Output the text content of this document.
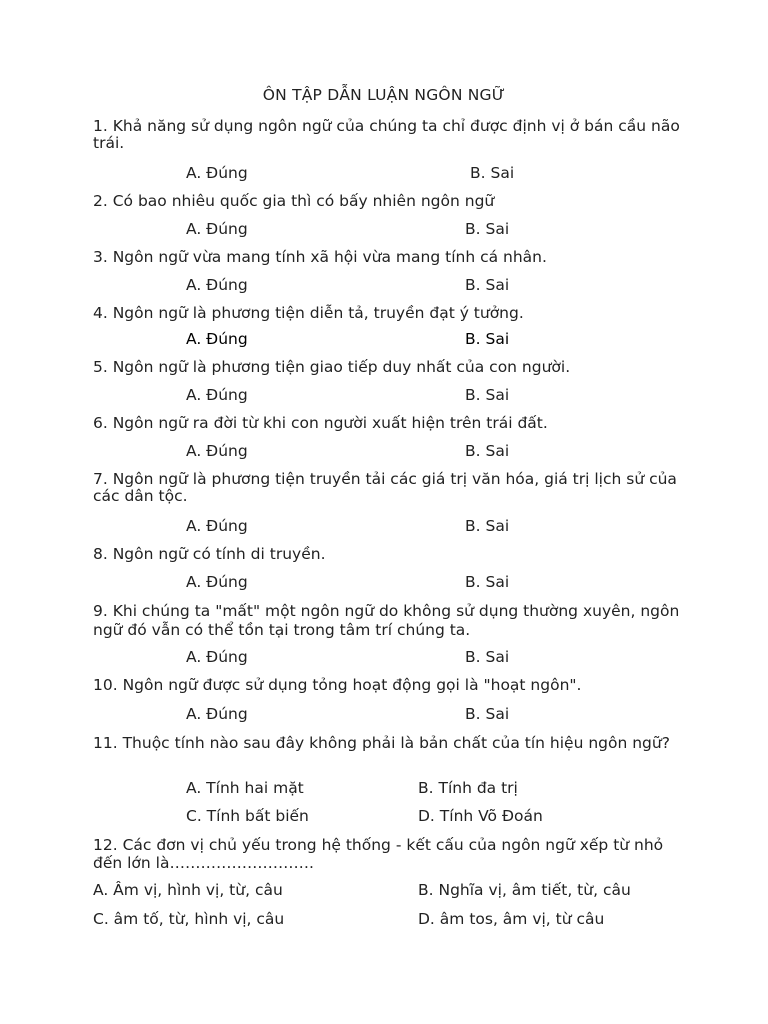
ÔN TẬP DẪN LUẬN NGÔN NGỮ
1. Khả năng sử dụng ngôn ngữ của chúng ta chỉ được định vị ở bán cầu não trái.
A. Đúng	B. Sai
2. Có bao nhiêu quốc gia thì có bấy nhiên ngôn ngữ
A. Đúng	B. Sai
3. Ngôn ngữ vừa mang tính xã hội vừa mang tính cá nhân.
A. Đúng	B. Sai
4. Ngôn ngữ là phương tiện diễn tả, truyền đạt ý tưởng.
A. Đúng	B. Sai
5. Ngôn ngữ là phương tiện giao tiếp duy nhất của con người.
A. Đúng	B. Sai
6. Ngôn ngữ ra đời từ khi con người xuất hiện trên trái đất.
A. Đúng	B. Sai
7. Ngôn ngữ là phương tiện truyền tải các giá trị văn hóa, giá trị lịch sử của các dân tộc.
A. Đúng	B. Sai
8. Ngôn ngữ có tính di truyền.
A. Đúng	B. Sai
9. Khi chúng ta "mất" một ngôn ngữ do không sử dụng thường xuyên, ngôn ngữ đó vẫn có thể tồn tại trong tâm trí chúng ta.
A. Đúng	B. Sai
10. Ngôn ngữ được sử dụng tỏng hoạt động gọi là "hoạt ngôn".
A. Đúng	B. Sai
11. Thuộc tính nào sau đây không phải là bản chất của tín hiệu ngôn ngữ?
A. Tính hai mặt	B. Tính đa trị
C. Tính bất biến	D. Tính Võ Đoán
12. Các đơn vị chủ yếu trong hệ thống - kết cấu của ngôn ngữ xếp từ nhỏ đến lớn là……………………….
A. Âm vị, hình vị, từ, câu	B. Nghĩa vị, âm tiết, từ, câu
C. âm tố, từ, hình vị, câu	D. âm tos, âm vị, từ câu
